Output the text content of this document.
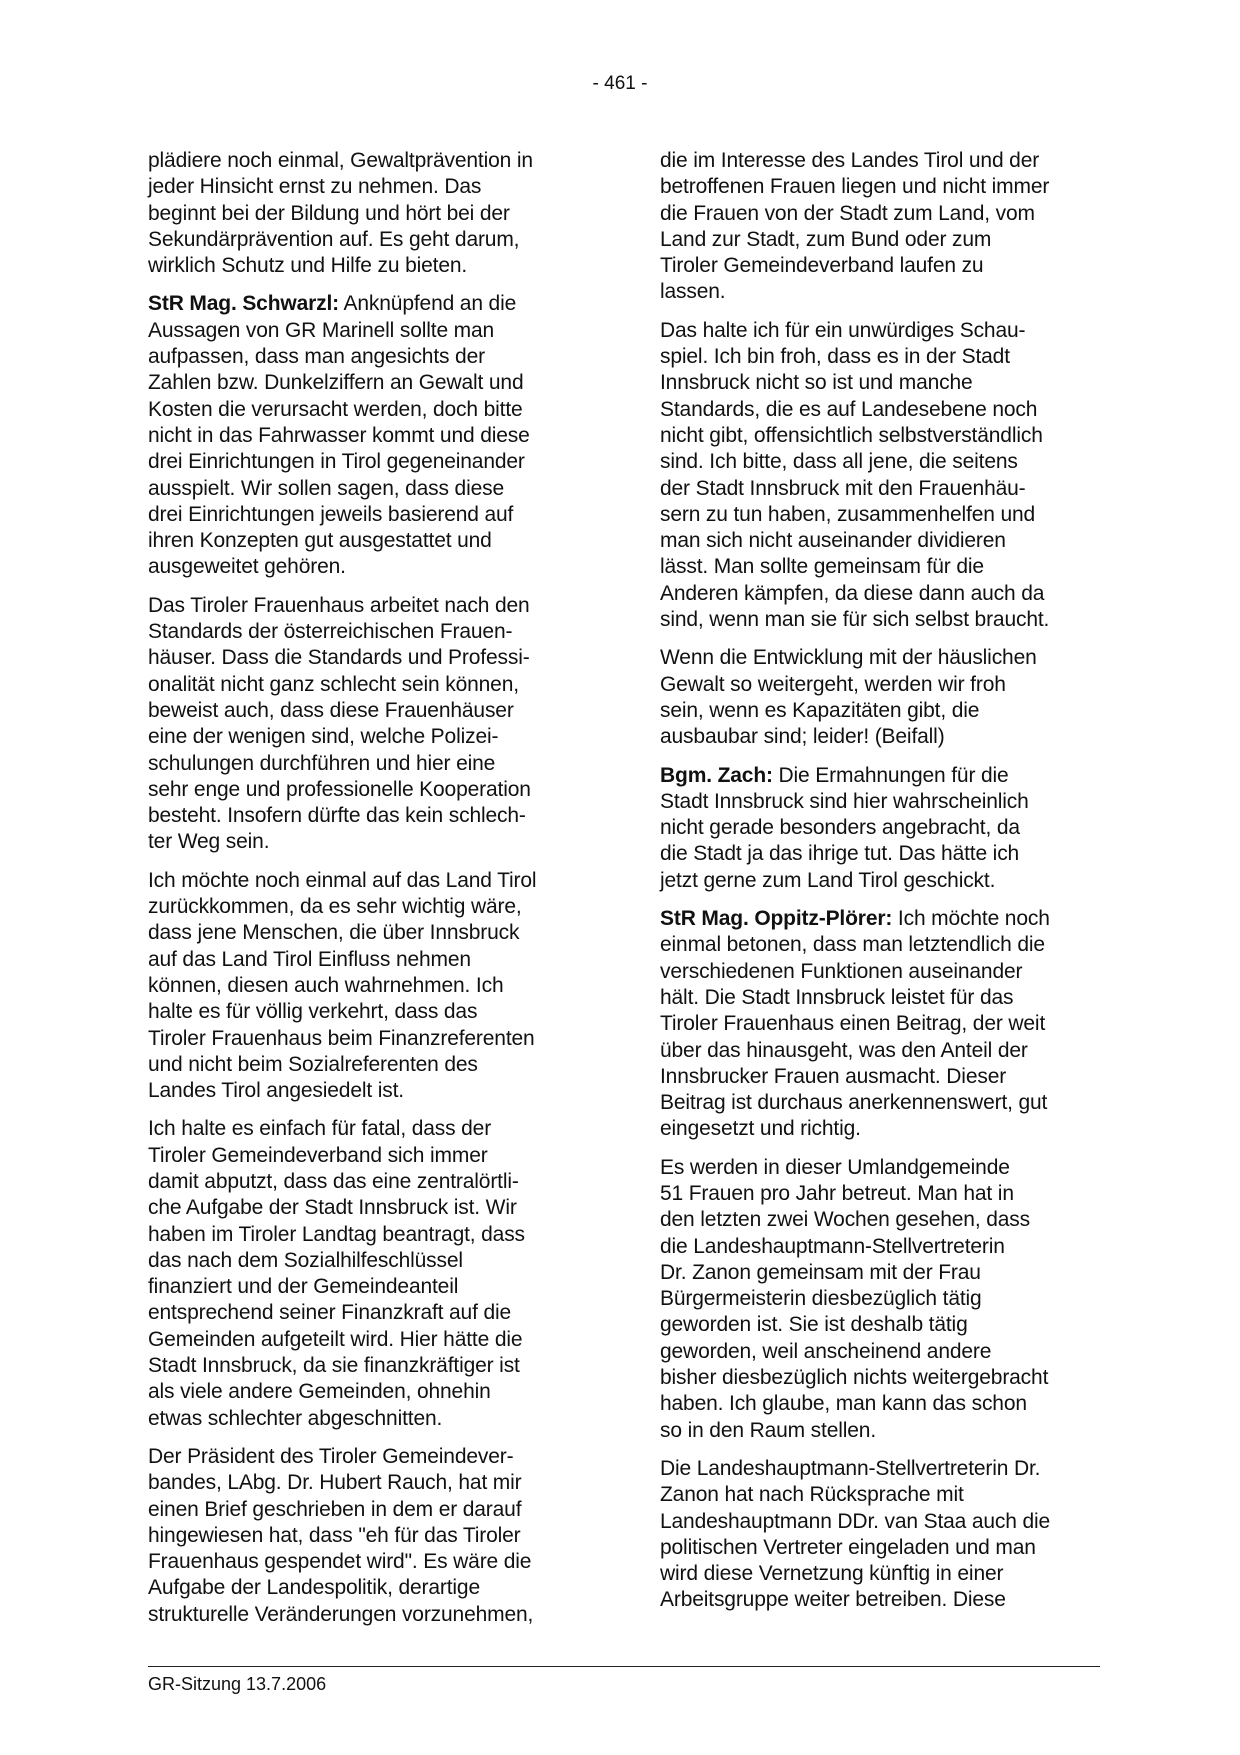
- 461 -

plädiere noch einmal, Gewaltprävention in
jeder Hinsicht ernst zu nehmen. Das
beginnt bei der Bildung und hört bei der
Sekundärprävention auf. Es geht darum,
wirklich Schutz und Hilfe zu bieten.

StR Mag. Schwarzl: Anknüpfend an die
Aussagen von GR Marinell sollte man
aufpassen, dass man angesichts der
Zahlen bzw. Dunkelziffern an Gewalt und
Kosten die verursacht werden, doch bitte
nicht in das Fahrwasser kommt und diese
drei Einrichtungen in Tirol gegeneinander
ausspielt. Wir sollen sagen, dass diese
drei Einrichtungen jeweils basierend auf
ihren Konzepten gut ausgestattet und
ausgeweitet gehören.

Das Tiroler Frauenhaus arbeitet nach den
Standards der österreichischen Frauen-
häuser. Dass die Standards und Professi-
onalität nicht ganz schlecht sein können,
beweist auch, dass diese Frauenhäuser
eine der wenigen sind, welche Polizei-
schulungen durchführen und hier eine
sehr enge und professionelle Kooperation
besteht. Insofern dürfte das kein schlech-
ter Weg sein.

Ich möchte noch einmal auf das Land Tirol
zurückkommen, da es sehr wichtig wäre,
dass jene Menschen, die über Innsbruck
auf das Land Tirol Einfluss nehmen
können, diesen auch wahrnehmen. Ich
halte es für völlig verkehrt, dass das
Tiroler Frauenhaus beim Finanzreferenten
und nicht beim Sozialreferenten des
Landes Tirol angesiedelt ist.

Ich halte es einfach für fatal, dass der
Tiroler Gemeindeverband sich immer
damit abputzt, dass das eine zentralörtli-
che Aufgabe der Stadt Innsbruck ist. Wir
haben im Tiroler Landtag beantragt, dass
das nach dem Sozialhilfeschlüssel
finanziert und der Gemeindeanteil
entsprechend seiner Finanzkraft auf die
Gemeinden aufgeteilt wird. Hier hätte die
Stadt Innsbruck, da sie finanzkräftiger ist
als viele andere Gemeinden, ohnehin
etwas schlechter abgeschnitten.

Der Präsident des Tiroler Gemeindever-
bandes, LAbg. Dr. Hubert Rauch, hat mir
einen Brief geschrieben in dem er darauf
hingewiesen hat, dass "eh für das Tiroler
Frauenhaus gespendet wird". Es wäre die
Aufgabe der Landespolitik, derartige
strukturelle Veränderungen vorzunehmen,

die im Interesse des Landes Tirol und der
betroffenen Frauen liegen und nicht immer
die Frauen von der Stadt zum Land, vom
Land zur Stadt, zum Bund oder zum
Tiroler Gemeindeverband laufen zu
lassen.

Das halte ich für ein unwürdiges Schau-
spiel. Ich bin froh, dass es in der Stadt
Innsbruck nicht so ist und manche
Standards, die es auf Landesebene noch
nicht gibt, offensichtlich selbstverständlich
sind. Ich bitte, dass all jene, die seitens
der Stadt Innsbruck mit den Frauenhäu-
sern zu tun haben, zusammenhelfen und
man sich nicht auseinander dividieren
lässt. Man sollte gemeinsam für die
Anderen kämpfen, da diese dann auch da
sind, wenn man sie für sich selbst braucht.

Wenn die Entwicklung mit der häuslichen
Gewalt so weitergeht, werden wir froh
sein, wenn es Kapazitäten gibt, die
ausbaubar sind; leider! (Beifall)

Bgm. Zach: Die Ermahnungen für die
Stadt Innsbruck sind hier wahrscheinlich
nicht gerade besonders angebracht, da
die Stadt ja das ihrige tut. Das hätte ich
jetzt gerne zum Land Tirol geschickt.

StR Mag. Oppitz-Plörer: Ich möchte noch
einmal betonen, dass man letztendlich die
verschiedenen Funktionen auseinander
hält. Die Stadt Innsbruck leistet für das
Tiroler Frauenhaus einen Beitrag, der weit
über das hinausgeht, was den Anteil der
Innsbrucker Frauen ausmacht. Dieser
Beitrag ist durchaus anerkennenswert, gut
eingesetzt und richtig.

Es werden in dieser Umlandgemeinde
51 Frauen pro Jahr betreut. Man hat in
den letzten zwei Wochen gesehen, dass
die Landeshauptmann-Stellvertreterin
Dr. Zanon gemeinsam mit der Frau
Bürgermeisterin diesbezüglich tätig
geworden ist. Sie ist deshalb tätig
geworden, weil anscheinend andere
bisher diesbezüglich nichts weitergebracht
haben. Ich glaube, man kann das schon
so in den Raum stellen.

Die Landeshauptmann-Stellvertreterin Dr.
Zanon hat nach Rücksprache mit
Landeshauptmann DDr. van Staa auch die
politischen Vertreter eingeladen und man
wird diese Vernetzung künftig in einer
Arbeitsgruppe weiter betreiben. Diese

GR-Sitzung 13.7.2006
